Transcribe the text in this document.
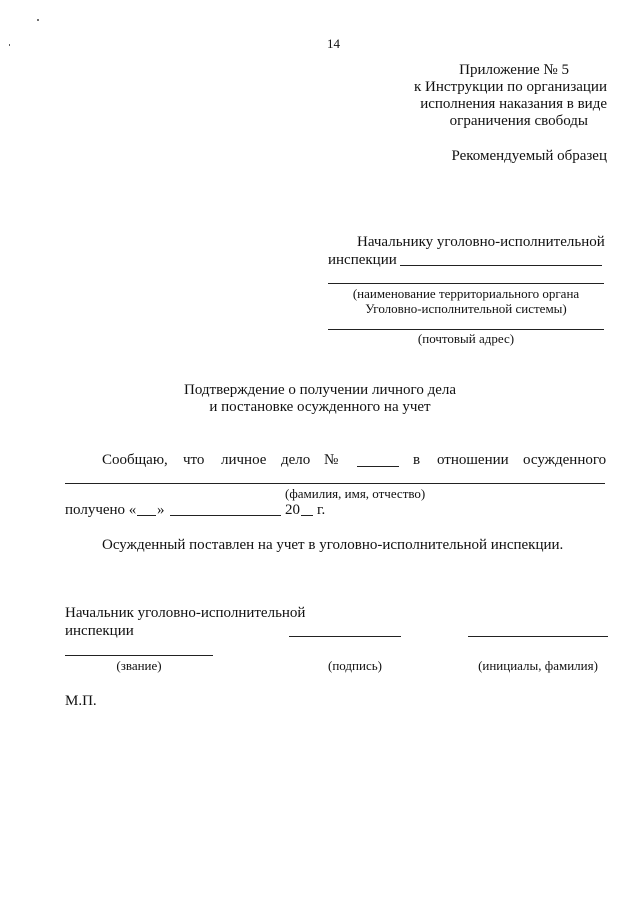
14
Приложение № 5
к Инструкции по организации
исполнения наказания в виде
ограничения свободы
Рекомендуемый образец
Начальнику уголовно-исполнительной
инспекции
(наименование территориального органа
Уголовно-исполнительной системы)
(почтовый адрес)
Подтверждение о получении личного дела
и постановке осужденного на учет
Сообщаю, что личное дело №	в отношении осужденного
(фамилия, имя, отчество)
получено « »	20 г.
Осужденный поставлен на учет в уголовно-исполнительной инспекции.
Начальник уголовно-исполнительной
инспекции
(звание)	(подпись)	(инициалы, фамилия)
М.П.
